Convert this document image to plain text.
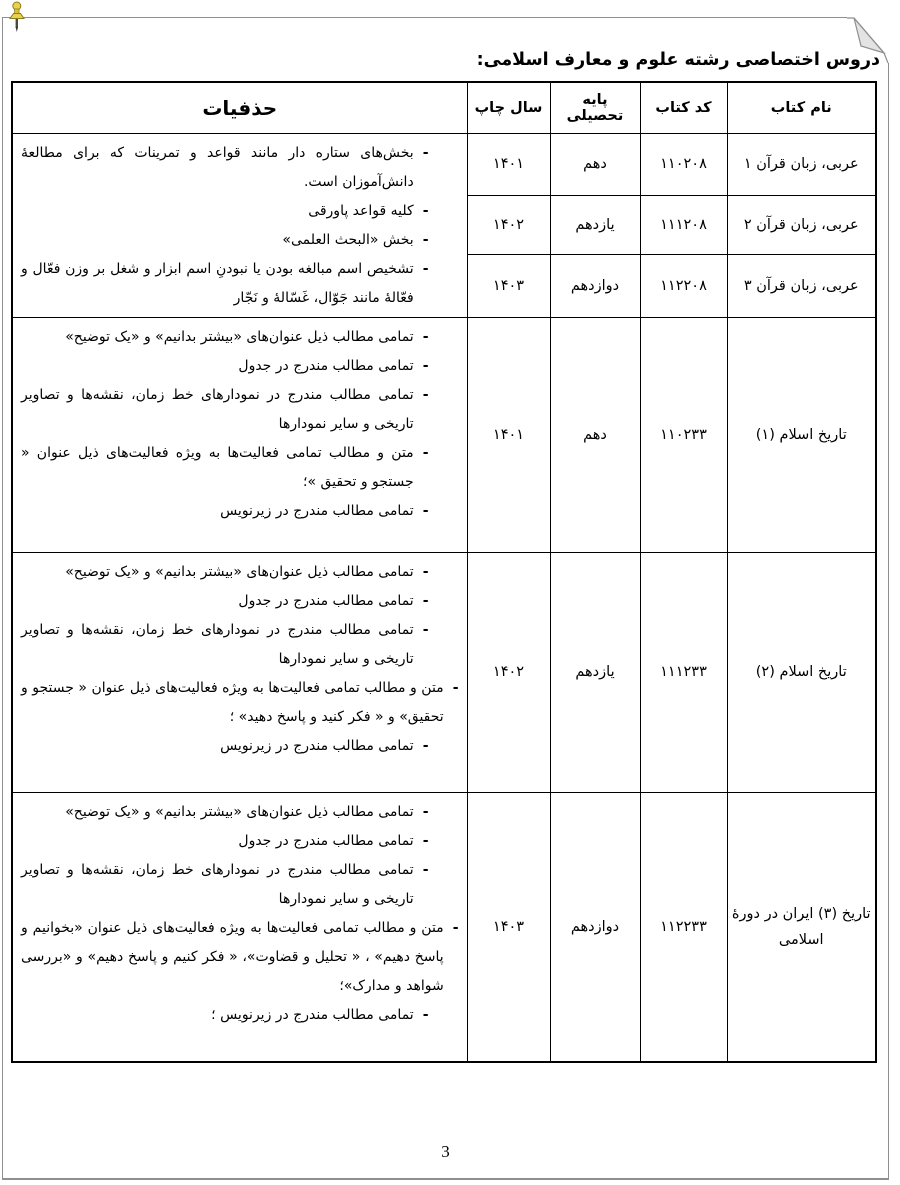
دروس اختصاصی رشته علوم و معارف اسلامی:
نام کتاب	کد کتاب	پایه تحصیلی	سال چاپ	حذفیات
عربی، زبان قرآن ۱	۱۱۰۲۰۸	دهم	۱۴۰۱	
-
بخش‌های ستاره دار مانند قواعد و تمرینات که برای مطالعهٔ دانش‌آموزان است.
-
کلیه قواعد پاورقی
-
بخش «البحث العلمی»
-
تشخیص اسم مبالغه بودن یا نبودنِ اسم ابزار و شغل بر وزن فعّال و فعّالهٔ مانند جَوّال، غَسّالهٔ و نَجّار

عربی، زبان قرآن ۲	۱۱۱۲۰۸	یازدهم	۱۴۰۲	
عربی، زبان قرآن ۳	۱۱۲۲۰۸	دوازدهم	۱۴۰۳	
تاریخ اسلام (۱)	۱۱۰۲۳۳	دهم	۱۴۰۱	
-
تمامی مطالب ذیل عنوان‌های «بیشتر بدانیم» و «یک توضیح»
-
تمامی مطالب مندرج در جدول
-
تمامی مطالب مندرج در نمودارهای خط زمان، نقشه‌ها و تصاویر تاریخی و سایر نمودارها
-
متن و مطالب تمامی فعالیت‌ها به ویژه فعالیت‌های ذیل عنوان « جستجو و تحقیق »؛
-
تمامی مطالب مندرج در زیرنویس

تاریخ اسلام (۲)	۱۱۱۲۳۳	یازدهم	۱۴۰۲	
-
تمامی مطالب ذیل عنوان‌های «بیشتر بدانیم» و «یک توضیح»
-
تمامی مطالب مندرج در جدول
-
تمامی مطالب مندرج در نمودارهای خط زمان، نقشه‌ها و تصاویر تاریخی و سایر نمودارها
-
متن و مطالب تمامی فعالیت‌ها به ویژه فعالیت‌های ذیل عنوان « جستجو و تحقیق» و « فکر کنید و پاسخ دهید» ؛
-
تمامی مطالب مندرج در زیرنویس

تاریخ (۳) ایران در دورهٔ اسلامی	۱۱۲۲۳۳	دوازدهم	۱۴۰۳	
-
تمامی مطالب ذیل عنوان‌های «بیشتر بدانیم» و «یک توضیح»
-
تمامی مطالب مندرج در جدول
-
تمامی مطالب مندرج در نمودارهای خط زمان، نقشه‌ها و تصاویر تاریخی و سایر نمودارها
-
متن و مطالب تمامی فعالیت‌ها به ویژه فعالیت‌های ذیل عنوان «بخوانیم و پاسخ دهیم» ، « تحلیل و قضاوت»، « فکر کنیم و پاسخ دهیم» و «بررسی شواهد و مدارک»؛
-
تمامی مطالب مندرج در زیرنویس ؛
3
